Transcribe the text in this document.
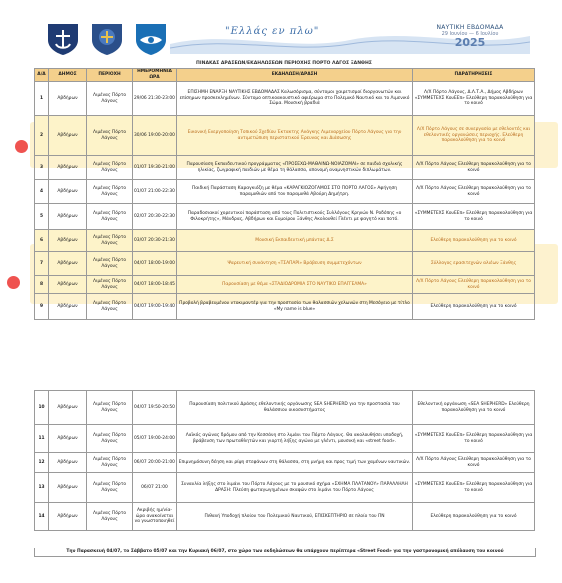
"Ελλάς εν πλω"	ΝΑΥΤΙΚΗ ΕΒΔΟΜΑΔΑ
29 Ιουνίου — 6 Ιουλίου
2025
ΠΙΝΑΚΑΣ ΔΡΑΣΕΩΝ/ΕΚΔΗΛΩΣΕΩΝ ΠΕΡΙΟΧΗΣ ΠΟΡΤΟ ΛΑΓΟΣ ΞΑΝΘΗΣ
Α/Α	ΔΗΜΟΣ	ΠΕΡΙΟΧΗ	ΗΜΕΡΟΜΗΝΙΑ ΩΡΑ	ΕΚΔΗΛΩΣΗ/ΔΡΑΣΗ	ΠΑΡΑΤΗΡΗΣΕΙΣ
1	Αβδήρων	Λιμένας Πόρτο Λάγους	29/06 21:30-23:00	ΕΠΙΣΗΜΗ ΕΝΑΡΞΗ ΝΑΥΤΙΚΗΣ ΕΒΔΟΜΑΔΑΣ Καλωσόρισμα, σύντομοι χαιρετισμοί διοργανωτών και επίσημων προσκεκλημένων. Σύντομο οπτικοακουστικό αφιέρωμα στο Πολεμικό Ναυτικό και το Λιμενικό Σώμα. Μουσική βραδιά	Λ/Χ Πόρτο Λάγους, Δ.Λ.Τ.Α., Δήμος Αβδήρων «ΣΥΜΜΕΤΕΧΣ ΚουΕΕπ» Ελεύθερη παρακολούθηση για το κοινό
2	Αβδήρων	Λιμένας Πόρτο Λάγους	30/06 19:00-20:00	Εικονική Ενεργοποίηση Τοπικού Σχεδίου Έκτακτης Ανάγκης Λιμεναρχείου Πόρτο Λάγους για την αντιμετώπιση περιστατικού Έρευνας και Διάσωσης	Λ/Χ Πόρτο Λάγους σε συνεργασία με εθελοντές και εθελοντικές οργανώσεις περιοχής. Ελεύθερη παρακολούθηση για το κοινό
3	Αβδήρων	Λιμένας Πόρτο Λάγους	01/07 19:30-21:00	Παρουσίαση Εκπαιδευτικού προγράμματος «ΠΡΟΣΕΧΩ-ΜΑΘΑΙΝΩ-ΝΟΙΑΖΟΜΑΙ» σε παιδιά σχολικής ηλικίας, ζωγραφική παιδιών με θέμα τη θάλασσα, απονομή αναμνηστικών διπλωμάτων.	Λ/Χ Πόρτο Λάγους Ελεύθερη παρακολούθηση για το κοινό
4	Αβδήρων	Λιμένας Πόρτο Λάγους	01/07 21:00-22:30	Παιδική Παράσταση Καραγκιόζη με θέμα «ΚΑΡΑΓΚΙΟΖΟΓΑΜΟΣ ΣΤΟ ΠΟΡΤΟ ΛΑΓΟΣ» Αφήγηση παραμυθιών από τον παραμυθά Αβούρη Δημήτρη.	Λ/Χ Πόρτο Λάγους Ελεύθερη παρακολούθηση για το κοινό
5	Αβδήρων	Λιμένας Πόρτο Λάγους	02/07 20:30-22:30	Παραδοσιακοί χορευτικοί παράσταση από τους Πολιτιστικούς Συλλόγους Κρηνών Ν. Ροδόπης «ο Φιλοκρήτης», Μάνδρας, Αβδήρων και Ευμοίρου Ξάνθης Ακολουθεί Γλέντι με φαγητό και ποτό.	«ΣΥΜΜΕΤΕΧΣ ΚουΕΕπ» Ελεύθερη παρακολούθηση για το κοινό
6	Αβδήρων	Λιμένας Πόρτο Λάγους	03/07 20:30-21:30	Μουσική Εκπαιδευτική μπάντας Δ.Σ	Ελεύθερη παρακολούθηση για το κοινό
7	Αβδήρων	Λιμένας Πόρτο Λάγους	04/07 18:00-19:00	Ψαρευτική συνάντηση «ΤΣΑΠΑΡΙ» Βράβευση συμμετεχόντων	Σύλλογος ερασιτεχνών αλιέων Ξάνθης
8	Αβδήρων	Λιμένας Πόρτο Λάγους	04/07 18:00-18:45	Παρουσίαση με θέμα «ΣΤΑΔΙΟΔΡΟΜΙΑ ΣΤΟ ΝΑΥΤΙΚΟ ΕΠΑΓΓΕΛΜΑ»	Λ/Χ Πόρτο Λάγους Ελεύθερη παρακολούθηση για το κοινό
9	Αβδήρων	Λιμένας Πόρτο Λάγους	04/07 19:00-19:40	Προβολή βραβευμένου ντοκιμαντέρ για την προστασία των θαλασσιών χελωνών στη Μεσόγειο με τίτλο «My name is blue»	Ελεύθερη παρακολούθηση για το κοινό
10	Αβδήρων	Λιμένας Πόρτο Λάγους	04/07 19:50-20:50	Παρουσίαση πολιτικού Δράσης εθελοντικής οργάνωσης SEA SHEPHERD για την προστασία του θαλάσσιου οικοσυστήματος	Εθελοντική οργάνωση «SEA SHEPHERD» Ελεύθερη παρακολούθηση για το κοινό
11	Αβδήρων	Λιμένας Πόρτο Λάγους	05/07 19:00-24:00	Λαϊκός αγώνας δρόμου από την Κεσσάνη στο λιμάνι του Πόρτο Λάγους. Θα ακολουθήσει υποδοχή, βράβευση των πρωταθλητών και γιορτή λήξης αγώνα με γλέντι, μουσική και «street food».	«ΣΥΜΜΕΤΕΧΣ ΚουΕΕπ» Ελεύθερη παρακολούθηση για το κοινό
12	Αβδήρων	Λιμένας Πόρτο Λάγους	06/07 20:00-21:00	Επιμνημόσυνη δέηση και ρίψη στεφάνων στη θάλασσα, στη μνήμη και προς τιμή των χαμένων ναυτικών.	Λ/Χ Πόρτο Λάγους Ελεύθερη παρακολούθηση για το κοινό
13	Αβδήρων	Λιμένας Πόρτο Λάγους	06/07 21:00	Συναυλία λήξης στο λιμάνι του Πόρτο Λάγους με το μουσικό σχήμα «ΣΧΗΜΑ ΠΛΑΤΑΝΟΥ» ΠΑΡΑΛΛΗΛΗ ΔΡΑΣΗ: Πλεύση φωταγωγημένων σκαφών στο λιμάνι του Πόρτο Λάγους	«ΣΥΜΜΕΤΕΧΣ ΚουΕΕπ» Ελεύθερη παρακολούθηση για το κοινό
14	Αβδήρων	Λιμένας Πόρτο Λάγους	Ακριβής ημ/νία-ώρα ανακοίνεται να γνωστοποιηθεί	Πιθανή Υποδοχή πλοίου του Πολεμικού Ναυτικού, ΕΠΙΣΚΕΠΤΗΡΙΟ σε πλοίο του ΠΝ	Ελεύθερη παρακολούθηση για το κοινό
Την Παρασκευή 04/07, το Σάββατο 05/07 και την Κυριακή 06/07, στο χώρο των εκδηλώσεων θα υπάρχουν περίπτερα «Street Food» για την γαστρονομική απόλαυση του κοινού
